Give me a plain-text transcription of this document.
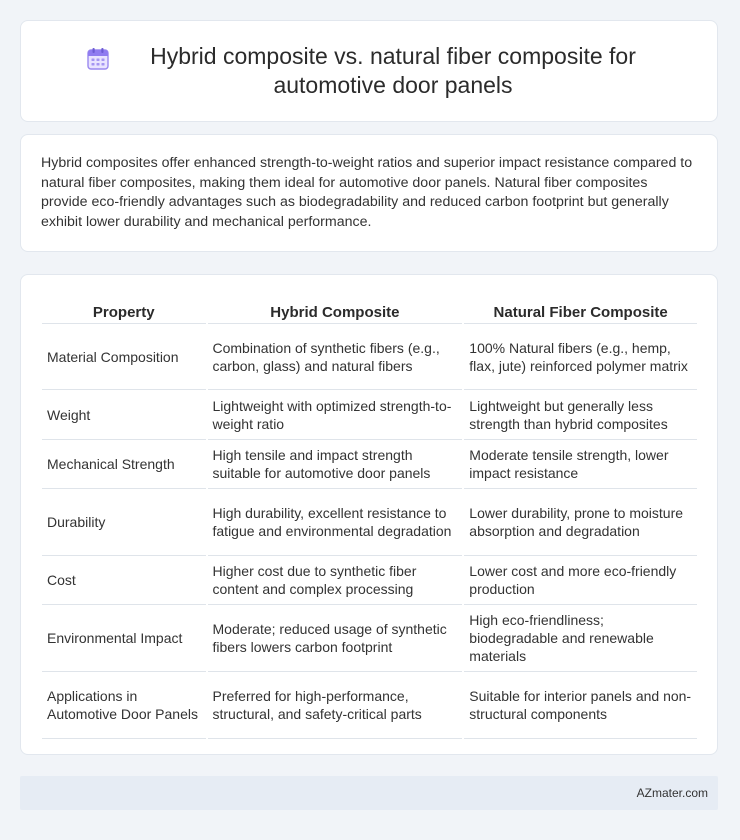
Hybrid composite vs. natural fiber composite for automotive door panels

Hybrid composites offer enhanced strength-to-weight ratios and superior impact resistance compared to natural fiber composites, making them ideal for automotive door panels. Natural fiber composites provide eco-friendly advantages such as biodegradability and reduced carbon footprint but generally exhibit lower durability and mechanical performance.

Property	Hybrid Composite	Natural Fiber Composite
Material Composition	Combination of synthetic fibers (e.g., carbon, glass) and natural fibers	100% Natural fibers (e.g., hemp, flax, jute) reinforced polymer matrix
Weight	Lightweight with optimized strength-to-weight ratio	Lightweight but generally less strength than hybrid composites
Mechanical Strength	High tensile and impact strength suitable for automotive door panels	Moderate tensile strength, lower impact resistance
Durability	High durability, excellent resistance to fatigue and environmental degradation	Lower durability, prone to moisture absorption and degradation
Cost	Higher cost due to synthetic fiber content and complex processing	Lower cost and more eco-friendly production
Environmental Impact	Moderate; reduced usage of synthetic fibers lowers carbon footprint	High eco-friendliness; biodegradable and renewable materials
Applications in Automotive Door Panels	Preferred for high-performance, structural, and safety-critical parts	Suitable for interior panels and non-structural components
AZmater.com
